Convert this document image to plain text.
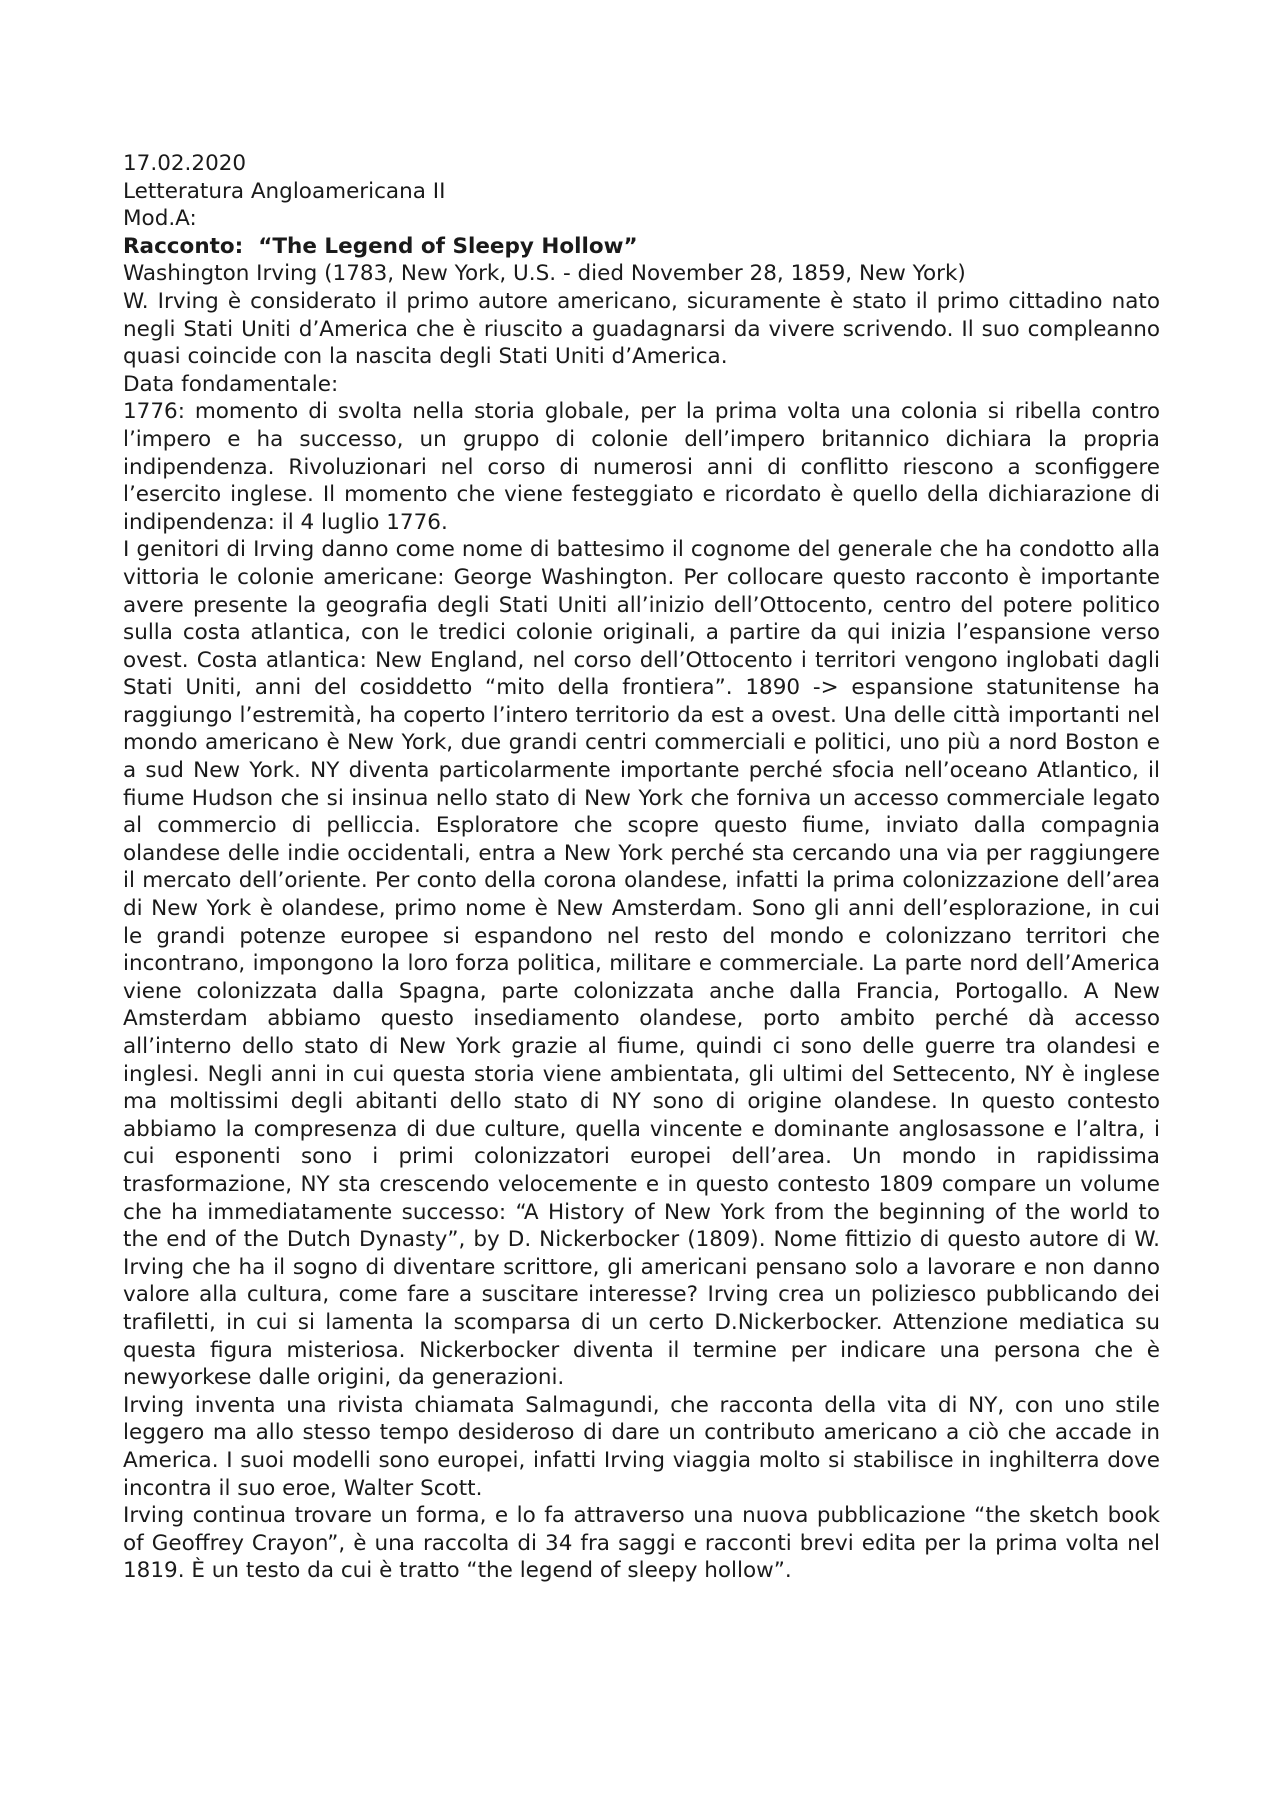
17.02.2020
Letteratura Angloamericana II
Mod.A:
Racconto:  “The Legend of Sleepy Hollow”
Washington Irving (1783, New York, U.S. - died November 28, 1859, New York)

W. Irving è considerato il primo autore americano, sicuramente è stato il primo cittadino nato negli Stati Uniti d’America che è riuscito a guadagnarsi da vivere scrivendo. Il suo compleanno quasi coincide con la nascita degli Stati Uniti d’America.

Data fondamentale:

1776: momento di svolta nella storia globale, per la prima volta una colonia si ribella contro l’impero e ha successo, un gruppo di colonie dell’impero britannico dichiara la propria indipendenza. Rivoluzionari nel corso di numerosi anni di conflitto riescono a sconfiggere l’esercito inglese. Il momento che viene festeggiato e ricordato è quello della dichiarazione di indipendenza: il 4 luglio 1776.

I genitori di Irving danno come nome di battesimo il cognome del generale che ha condotto alla vittoria le colonie americane: George Washington. Per collocare questo racconto è importante avere presente la geografia degli Stati Uniti all’inizio dell’Ottocento, centro del potere politico sulla costa atlantica, con le tredici colonie originali, a partire da qui inizia l’espansione verso ovest. Costa atlantica: New England, nel corso dell’Ottocento i territori vengono inglobati dagli Stati Uniti, anni del cosiddetto “mito della frontiera”. 1890 -> espansione statunitense ha raggiungo l’estremità, ha coperto l’intero territorio da est a ovest. Una delle città importanti nel mondo americano è New York, due grandi centri commerciali e politici, uno più a nord Boston e a sud New York. NY diventa particolarmente importante perché sfocia nell’oceano Atlantico, il fiume Hudson che si insinua nello stato di New York che forniva un accesso commerciale legato al commercio di pelliccia. Esploratore che scopre questo fiume, inviato dalla compagnia olandese delle indie occidentali, entra a New York perché sta cercando una via per raggiungere il mercato dell’oriente. Per conto della corona olandese, infatti la prima colonizzazione dell’area di New York è olandese, primo nome è New Amsterdam. Sono gli anni dell’esplorazione, in cui le grandi potenze europee si espandono nel resto del mondo e colonizzano territori che incontrano, impongono la loro forza politica, militare e commerciale. La parte nord dell’America viene colonizzata dalla Spagna, parte colonizzata anche dalla Francia, Portogallo. A New Amsterdam abbiamo questo insediamento olandese, porto ambito perché dà accesso all’interno dello stato di New York grazie al fiume, quindi ci sono delle guerre tra olandesi e inglesi. Negli anni in cui questa storia viene ambientata, gli ultimi del Settecento, NY è inglese ma moltissimi degli abitanti dello stato di NY sono di origine olandese. In questo contesto abbiamo la compresenza di due culture, quella vincente e dominante anglosassone e l’altra, i cui esponenti sono i primi colonizzatori europei dell’area. Un mondo in rapidissima trasformazione, NY sta crescendo velocemente e in questo contesto 1809 compare un volume che ha immediatamente successo: “A History of New York from the beginning of the world to the end of the Dutch Dynasty”, by D. Nickerbocker (1809). Nome fittizio di questo autore di W. Irving che ha il sogno di diventare scrittore, gli americani pensano solo a lavorare e non danno valore alla cultura, come fare a suscitare interesse? Irving crea un poliziesco pubblicando dei trafiletti, in cui si lamenta la scomparsa di un certo D.Nickerbocker. Attenzione mediatica su questa figura misteriosa. Nickerbocker diventa il termine per indicare una persona che è newyorkese dalle origini, da generazioni.

Irving inventa una rivista chiamata Salmagundi, che racconta della vita di NY, con uno stile leggero ma allo stesso tempo desideroso di dare un contributo americano a ciò che accade in America. I suoi modelli sono europei, infatti Irving viaggia molto si stabilisce in inghilterra dove incontra il suo eroe, Walter Scott.

Irving continua trovare un forma, e lo fa attraverso una nuova pubblicazione “the sketch book of Geoffrey Crayon”, è una raccolta di 34 fra saggi e racconti brevi edita per la prima volta nel 1819. È un testo da cui è tratto “the legend of sleepy hollow”.
